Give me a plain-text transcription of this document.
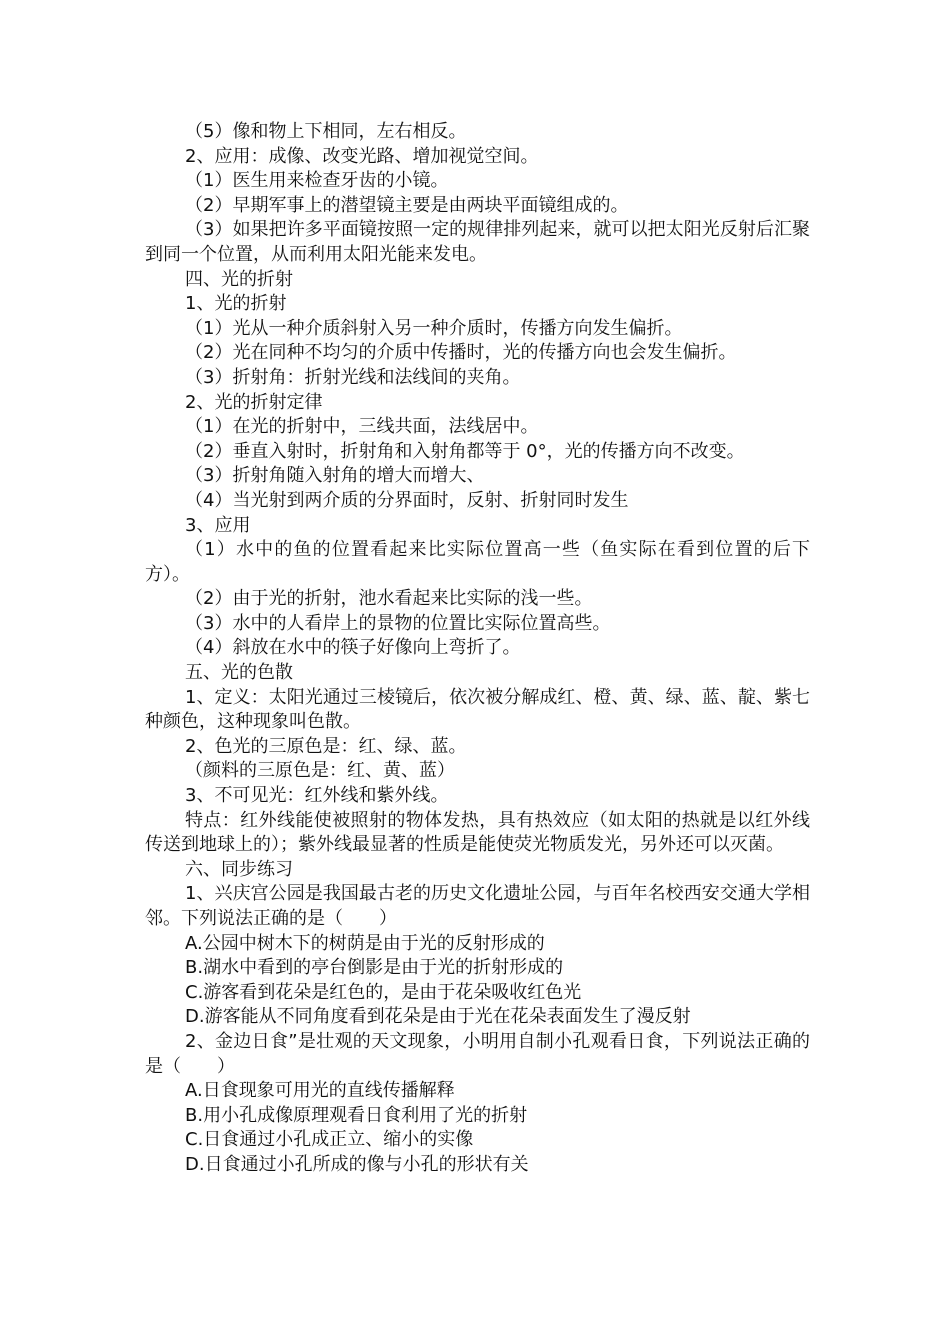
（5）像和物上下相同，左右相反。
2、应用：成像、改变光路、增加视觉空间。
（1）医生用来检查牙齿的小镜。
（2）早期军事上的潜望镜主要是由两块平面镜组成的。
（3）如果把许多平面镜按照一定的规律排列起来，就可以把太阳光反射后汇聚到同一个位置，从而利用太阳光能来发电。
四、光的折射
1、光的折射
（1）光从一种介质斜射入另一种介质时，传播方向发生偏折。
（2）光在同种不均匀的介质中传播时，光的传播方向也会发生偏折。
（3）折射角：折射光线和法线间的夹角。
2、光的折射定律
（1）在光的折射中，三线共面，法线居中。
（2）垂直入射时，折射角和入射角都等于 0°，光的传播方向不改变。
（3）折射角随入射角的增大而增大、
（4）当光射到两介质的分界面时，反射、折射同时发生
3、应用
（1）水中的鱼的位置看起来比实际位置高一些（鱼实际在看到位置的后下方）。
（2）由于光的折射，池水看起来比实际的浅一些。
（3）水中的人看岸上的景物的位置比实际位置高些。
（4）斜放在水中的筷子好像向上弯折了。
五、光的色散
1、定义：太阳光通过三棱镜后，依次被分解成红、橙、黄、绿、蓝、靛、紫七种颜色，这种现象叫色散。
2、色光的三原色是：红、绿、蓝。
（颜料的三原色是：红、黄、蓝）
3、不可见光：红外线和紫外线。
特点：红外线能使被照射的物体发热，具有热效应（如太阳的热就是以红外线传送到地球上的）；紫外线最显著的性质是能使荧光物质发光，另外还可以灭菌。
六、同步练习
1、兴庆宫公园是我国最古老的历史文化遗址公园，与百年名校西安交通大学相邻。下列说法正确的是（　　）
A.公园中树木下的树荫是由于光的反射形成的
B.湖水中看到的亭台倒影是由于光的折射形成的
C.游客看到花朵是红色的，是由于花朵吸收红色光
D.游客能从不同角度看到花朵是由于光在花朵表面发生了漫反射
2、金边日食”是壮观的天文现象，小明用自制小孔观看日食，下列说法正确的是（　　）
A.日食现象可用光的直线传播解释
B.用小孔成像原理观看日食利用了光的折射
C.日食通过小孔成正立、缩小的实像
D.日食通过小孔所成的像与小孔的形状有关
